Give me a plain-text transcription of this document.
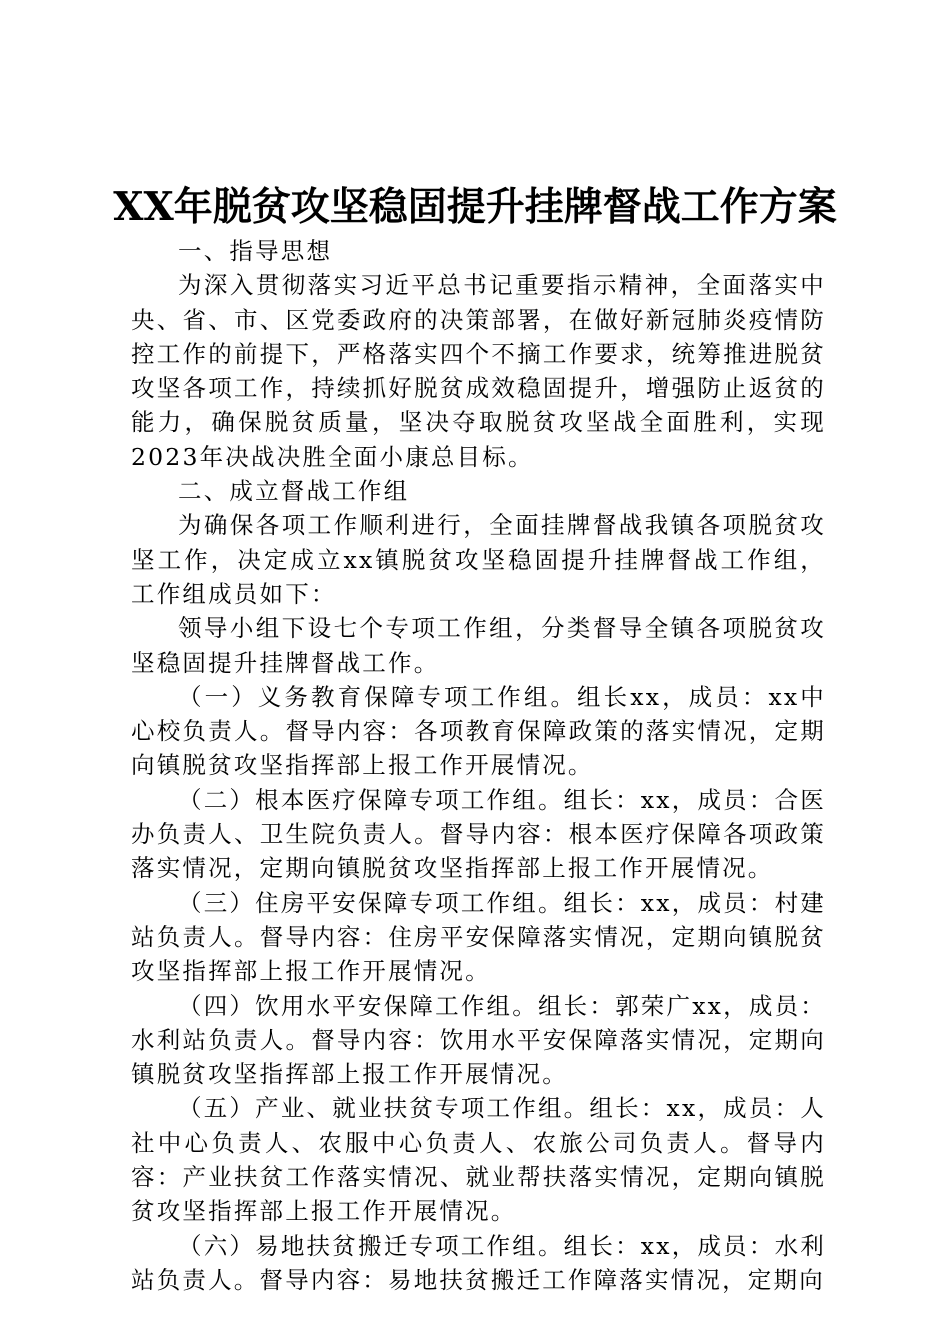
XX年脱贫攻坚稳固提升挂牌督战工作方案

一、指导思想

为深入贯彻落实习近平总书记重要指示精神，全面落实中央、省、市、区党委政府的决策部署，在做好新冠肺炎疫情防控工作的前提下，严格落实四个不摘工作要求，统筹推进脱贫攻坚各项工作，持续抓好脱贫成效稳固提升，增强防止返贫的能力，确保脱贫质量，坚决夺取脱贫攻坚战全面胜利，实现2023年决战决胜全面小康总目标。

二、成立督战工作组

为确保各项工作顺利进行，全面挂牌督战我镇各项脱贫攻坚工作，决定成立xx镇脱贫攻坚稳固提升挂牌督战工作组，工作组成员如下：

领导小组下设七个专项工作组，分类督导全镇各项脱贫攻坚稳固提升挂牌督战工作。

（一）义务教育保障专项工作组。组长xx，成员：xx中心校负责人。督导内容：各项教育保障政策的落实情况，定期向镇脱贫攻坚指挥部上报工作开展情况。

（二）根本医疗保障专项工作组。组长：xx，成员：合医办负责人、卫生院负责人。督导内容：根本医疗保障各项政策落实情况，定期向镇脱贫攻坚指挥部上报工作开展情况。

（三）住房平安保障专项工作组。组长：xx，成员：村建站负责人。督导内容：住房平安保障落实情况，定期向镇脱贫攻坚指挥部上报工作开展情况。

（四）饮用水平安保障工作组。组长：郭荣广xx，成员：水利站负责人。督导内容：饮用水平安保障落实情况，定期向镇脱贫攻坚指挥部上报工作开展情况。

（五）产业、就业扶贫专项工作组。组长：xx，成员：人社中心负责人、农服中心负责人、农旅公司负责人。督导内容：产业扶贫工作落实情况、就业帮扶落实情况，定期向镇脱贫攻坚指挥部上报工作开展情况。

（六）易地扶贫搬迁专项工作组。组长：xx，成员：水利站负责人。督导内容：易地扶贫搬迁工作障落实情况，定期向
